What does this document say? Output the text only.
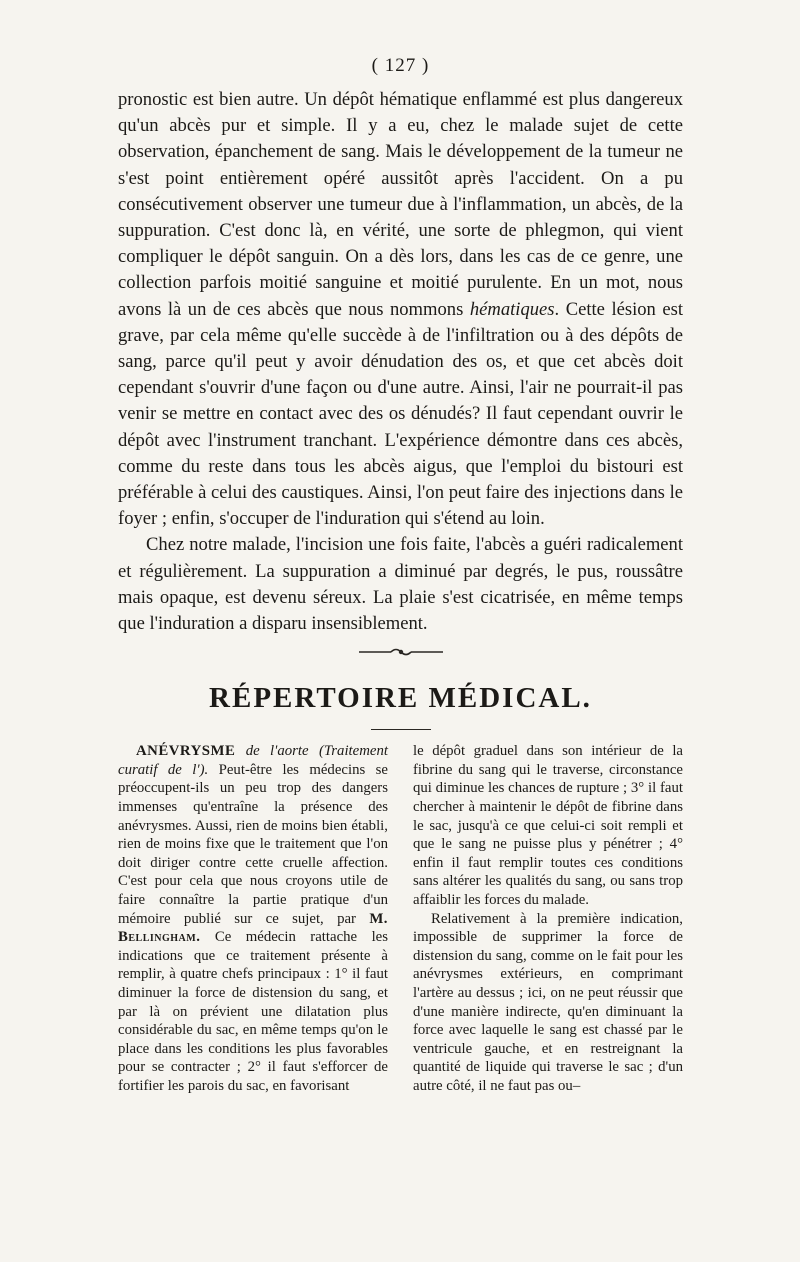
( 127 )

pronostic est bien autre. Un dépôt hématique enflammé est plus dangereux qu'un abcès pur et simple. Il y a eu, chez le malade sujet de cette observation, épanchement de sang. Mais le développement de la tumeur ne s'est point entièrement opéré aussitôt après l'accident. On a pu consécutivement observer une tumeur due à l'inflammation, un abcès, de la suppuration. C'est donc là, en vérité, une sorte de phlegmon, qui vient compliquer le dépôt sanguin. On a dès lors, dans les cas de ce genre, une collection parfois moitié sanguine et moitié purulente. En un mot, nous avons là un de ces abcès que nous nommons hématiques. Cette lésion est grave, par cela même qu'elle succède à de l'infiltration ou à des dépôts de sang, parce qu'il peut y avoir dénudation des os, et que cet abcès doit cependant s'ouvrir d'une façon ou d'une autre. Ainsi, l'air ne pourrait-il pas venir se mettre en contact avec des os dénudés? Il faut cependant ouvrir le dépôt avec l'instrument tranchant. L'expérience démontre dans ces abcès, comme du reste dans tous les abcès aigus, que l'emploi du bistouri est préférable à celui des caustiques. Ainsi, l'on peut faire des injections dans le foyer ; enfin, s'occuper de l'induration qui s'étend au loin.

Chez notre malade, l'incision une fois faite, l'abcès a guéri radicalement et régulièrement. La suppuration a diminué par degrés, le pus, roussâtre mais opaque, est devenu séreux. La plaie s'est cicatrisée, en même temps que l'induration a disparu insensiblement.

RÉPERTOIRE MÉDICAL.

ANÉVRYSME de l'aorte (Traitement curatif de l'). Peut-être les médecins se préoccupent-ils un peu trop des dangers immenses qu'entraîne la présence des anévrysmes. Aussi, rien de moins bien établi, rien de moins fixe que le traitement que l'on doit diriger contre cette cruelle affection. C'est pour cela que nous croyons utile de faire connaître la partie pratique d'un mémoire publié sur ce sujet, par M. Bellingham. Ce médecin rattache les indications que ce traitement présente à remplir, à quatre chefs principaux : 1° il faut diminuer la force de distension du sang, et par là on prévient une dilatation plus considérable du sac, en même temps qu'on le place dans les conditions les plus favorables pour se contracter ; 2° il faut s'efforcer de fortifier les parois du sac, en favorisant

le dépôt graduel dans son intérieur de la fibrine du sang qui le traverse, circonstance qui diminue les chances de rupture ; 3° il faut chercher à maintenir le dépôt de fibrine dans le sac, jusqu'à ce que celui-ci soit rempli et que le sang ne puisse plus y pénétrer ; 4° enfin il faut remplir toutes ces conditions sans altérer les qualités du sang, ou sans trop affaiblir les forces du malade.

Relativement à la première indication, impossible de supprimer la force de distension du sang, comme on le fait pour les anévrysmes extérieurs, en comprimant l'artère au dessus ; ici, on ne peut réussir que d'une manière indirecte, qu'en diminuant la force avec laquelle le sang est chassé par le ventricule gauche, et en restreignant la quantité de liquide qui traverse le sac ; d'un autre côté, il ne faut pas ou–
